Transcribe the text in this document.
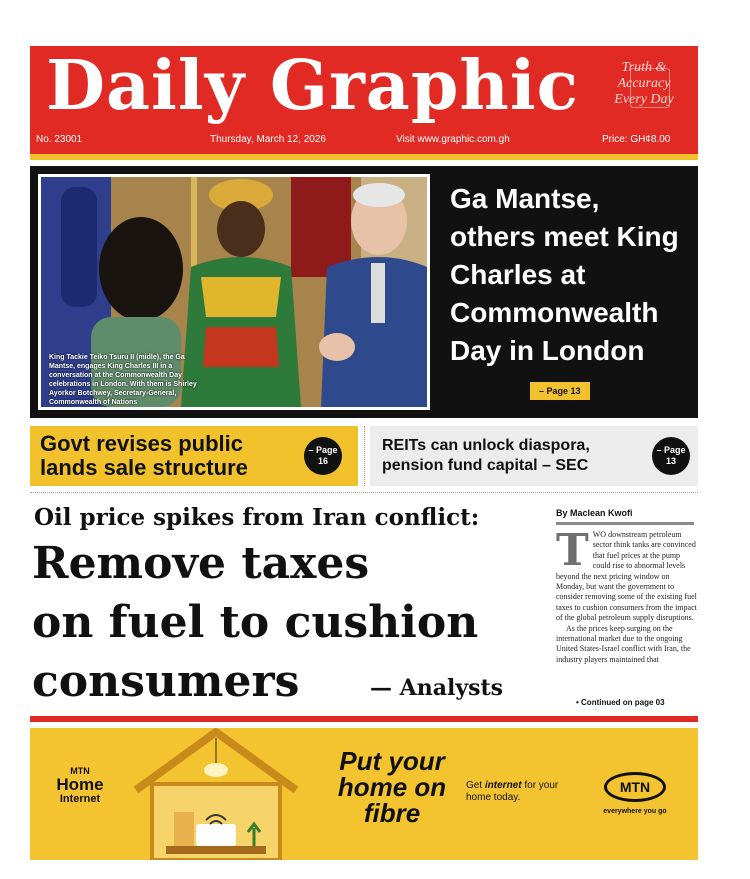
Daily Graphic	Truth &
Accuracy
Every Day
No. 23001	Thursday, March 12, 2026	Visit www.graphic.com.gh	Price: GH¢8.00
King Tackie Teiko Tsuru II (midle), the Ga Mantse, engages King Charles III in a conversation at the Commonwealth Day celebrations in London. With them is Shirley Ayorkor Botchwey, Secretary-General, Commonwealth of Nations
Ga Mantse, others meet King Charles at Commonwealth Day in London
– Page 13
Govt revises public
lands sale structure
– Page
16
REITs can unlock diaspora,
pension fund capital – SEC
– Page
13
Oil price spikes from Iran conflict:
Remove taxes
on fuel to cushion
consumers	— Analysts
By Maclean Kwofi
T WO downstream petroleum sector think tanks are convinced that fuel prices at the pump could rise to abnormal levels beyond the next pricing window on Monday, but want the government to consider removing some of the existing fuel taxes to cushion consumers from the impact of the global petroleum supply disruptions.

As the prices keep surging on the international market due to the ongoing United States-Israel conflict with Iran, the industry players maintained that

• Continued on page 03
MTN
Home
Internet
Put your
home on
fibre
Get internet for your home today.
MTN
everywhere you go
